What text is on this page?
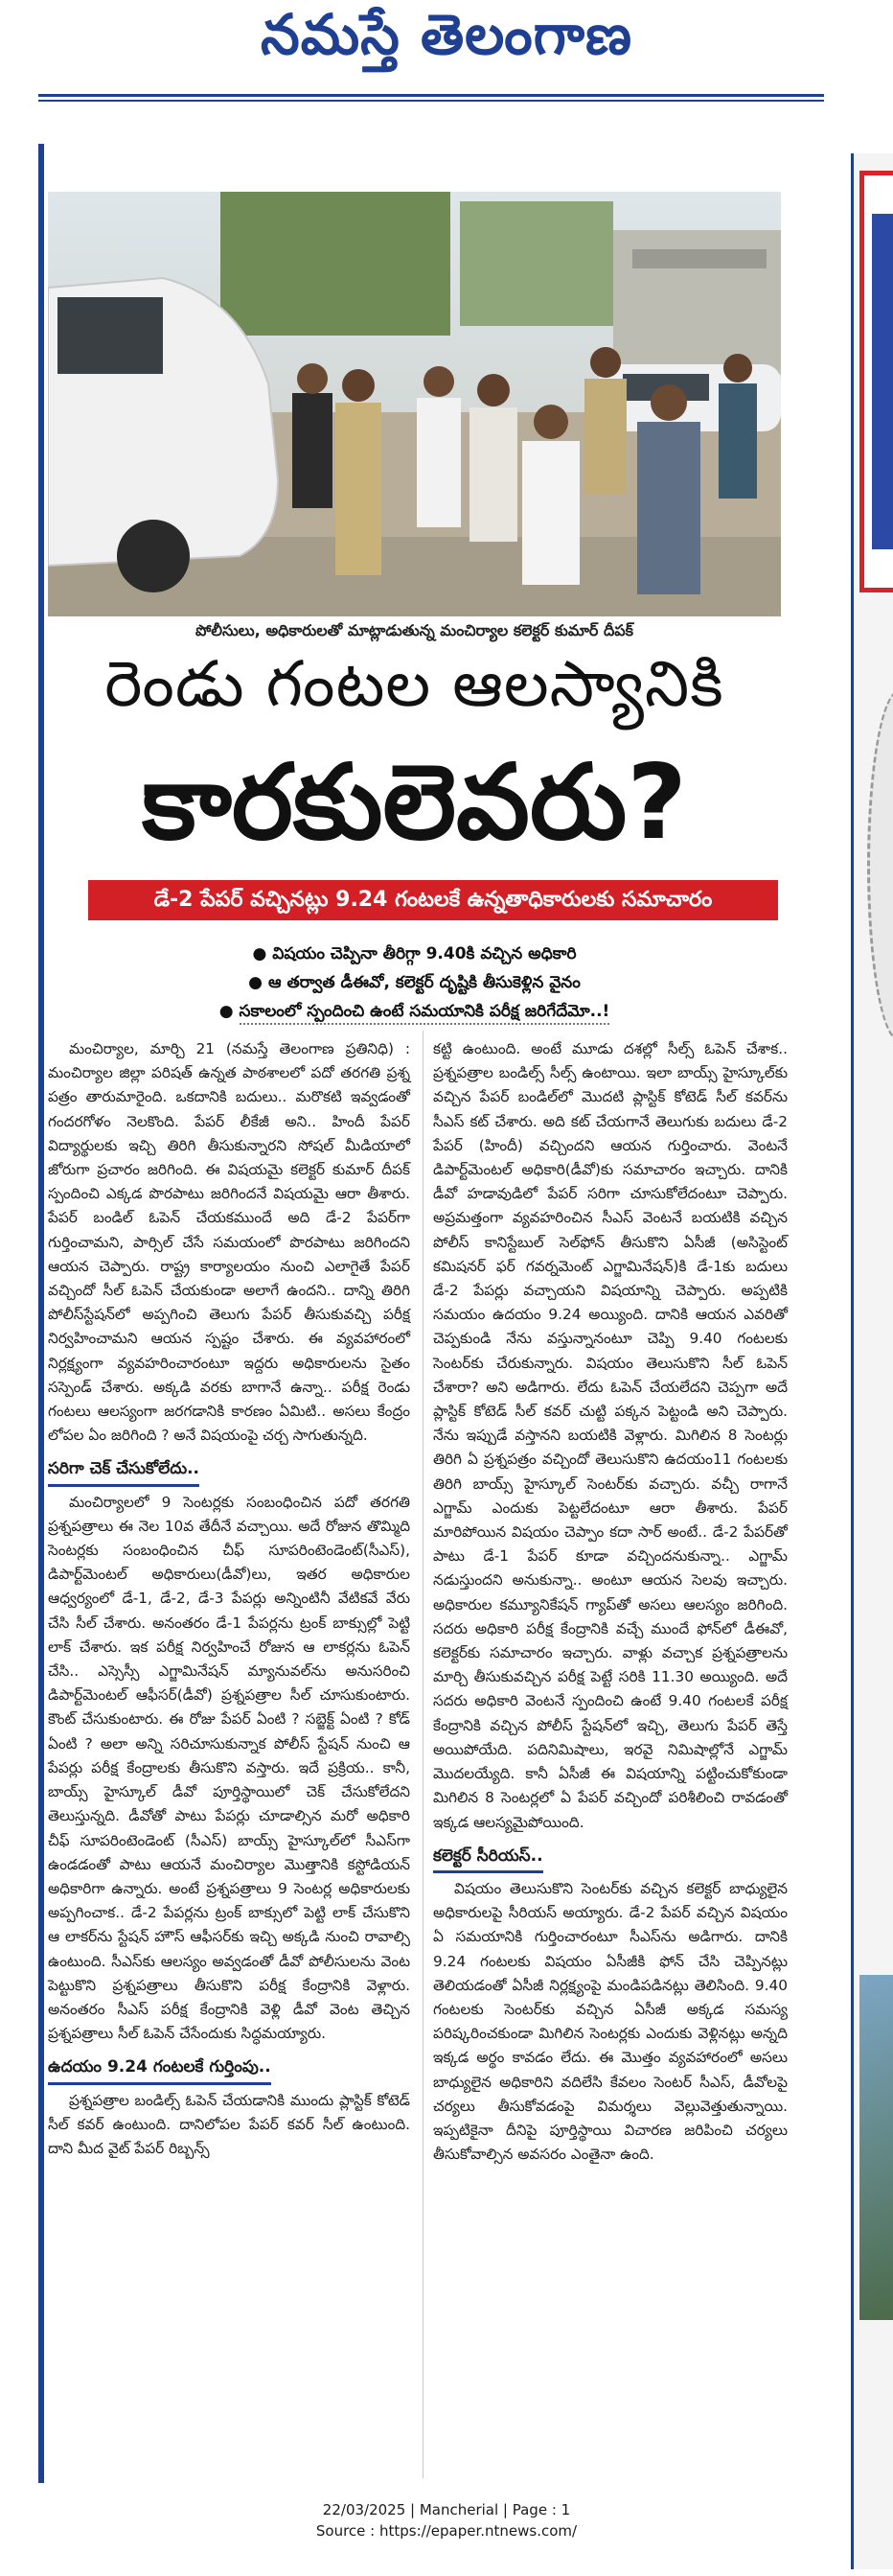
నమస్తే తెలంగాణ
పోలీసులు, అధికారులతో మాట్లాడుతున్న మంచిర్యాల కలెక్టర్ కుమార్ దీపక్
రెండు గంటల ఆలస్యానికి
కారకులెవరు?
డే-2 పేపర్ వచ్చినట్లు 9.24 గంటలకే ఉన్నతాధికారులకు సమాచారం
● విషయం చెప్పినా తీరిగ్గా 9.40కి వచ్చిన అధికారి
● ఆ తర్వాత డీఈవో, కలెక్టర్ దృష్టికి తీసుకెళ్లిన వైనం
● సకాలంలో స్పందించి ఉంటే సమయానికి పరీక్ష జరిగేదేమో..!

మంచిర్యాల, మార్చి 21 (నమస్తే తెలంగాణ ప్రతినిధి) : మంచిర్యాల జిల్లా పరిషత్ ఉన్నత పాఠశాలలో పదో తరగతి ప్రశ్న పత్రం తారుమారైంది. ఒకదానికి బదులు.. మరొకటి ఇవ్వడంతో గందరగోళం నెలకొంది. పేపర్ లీకేజీ అని.. హిందీ పేపర్ విద్యార్థులకు ఇచ్చి తిరిగి తీసుకున్నారని సోషల్ మీడియాలో జోరుగా ప్రచారం జరిగింది. ఈ విషయమై కలెక్టర్ కుమార్ దీపక్ స్పందించి ఎక్కడ పొరపాటు జరిగిందనే విషయమై ఆరా తీశారు. పేపర్ బండిల్ ఓపెన్ చేయకముందే అది డే-2 పేపర్‌గా గుర్తించామని, పార్సిల్ చేసే సమయంలో పొరపాటు జరిగిందని ఆయన చెప్పారు. రాష్ట్ర కార్యాలయం నుంచి ఎలాగైతే పేపర్ వచ్చిందో సీల్ ఓపెన్ చేయకుండా అలాగే ఉందని.. దాన్ని తిరిగి పోలీస్‌స్టేషన్‌లో అప్పగించి తెలుగు పేపర్ తీసుకువచ్చి పరీక్ష నిర్వహించామని ఆయన స్పష్టం చేశారు. ఈ వ్యవహారంలో నిర్లక్ష్యంగా వ్యవహరించారంటూ ఇద్దరు అధికారులను సైతం సస్పెండ్ చేశారు. అక్కడి వరకు బాగానే ఉన్నా.. పరీక్ష రెండు గంటలు ఆలస్యంగా జరగడానికి కారణం ఏమిటి.. అసలు కేంద్రం లోపల ఏం జరిగింది ? అనే విషయంపై చర్చ సాగుతున్నది.

సరిగా చెక్ చేసుకోలేదు..

మంచిర్యాలలో 9 సెంటర్లకు సంబంధించిన పదో తరగతి ప్రశ్నపత్రాలు ఈ నెల 10వ తేదీనే వచ్చాయి. అదే రోజున తొమ్మిది సెంటర్లకు సంబంధించిన చీఫ్ సూపరింటెండెంట్(సీఎస్), డిపార్ట్‌మెంటల్ అధికారులు(డీవో)లు, ఇతర అధికారుల ఆధ్వర్యంలో డే-1, డే-2, డే-3 పేపర్లు అన్నింటినీ వేటికవే వేరు చేసి సీల్ చేశారు. అనంతరం డే-1 పేపర్లను ట్రంక్ బాక్సుల్లో పెట్టి లాక్ చేశారు. ఇక పరీక్ష నిర్వహించే రోజున ఆ లాకర్లను ఓపెన్ చేసి.. ఎస్సెస్సీ ఎగ్జామినేషన్ మ్యానువల్‌ను అనుసరించి డిపార్ట్‌మెంటల్ ఆఫీసర్(డీవో) ప్రశ్నపత్రాల సీల్ చూసుకుంటారు. కౌంట్ చేసుకుంటారు. ఈ రోజు పేపర్ ఏంటి ? సబ్జెక్ట్ ఏంటి ? కోడ్ ఏంటి ? అలా అన్ని సరిచూసుకున్నాక పోలీస్ స్టేషన్ నుంచి ఆ పేపర్లు పరీక్ష కేంద్రాలకు తీసుకొని వస్తారు. ఇదే ప్రక్రియ.. కానీ, బాయ్స్ హైస్కూల్ డీవో పూర్తిస్థాయిలో చెక్ చేసుకోలేదని తెలుస్తున్నది. డీవోతో పాటు పేపర్లు చూడాల్సిన మరో అధికారి చీఫ్ సూపరింటెండెంట్ (సీఎస్) బాయ్స్ హైస్కూల్‌లో సీఎస్‌గా ఉండడంతో పాటు ఆయనే మంచిర్యాల మొత్తానికి కస్టోడియన్ అధికారిగా ఉన్నారు. అంటే ప్రశ్నపత్రాలు 9 సెంటర్ల అధికారులకు అప్పగించాక.. డే-2 పేపర్లను ట్రంక్ బాక్సులో పెట్టి లాక్ చేసుకొని ఆ లాకర్‌ను స్టేషన్ హౌస్ ఆఫీసర్‌కు ఇచ్చి అక్కడి నుంచి రావాల్సి ఉంటుంది. సీఎస్‌కు ఆలస్యం అవ్వడంతో డీవో పోలీసులను వెంట పెట్టుకొని ప్రశ్నపత్రాలు తీసుకొని పరీక్ష కేంద్రానికి వెళ్లారు. అనంతరం సీఎస్ పరీక్ష కేంద్రానికి వెళ్లి డీవో వెంట తెచ్చిన ప్రశ్నపత్రాలు సీల్ ఓపెన్ చేసేందుకు సిద్ధమయ్యారు.

ఉదయం 9.24 గంటలకే గుర్తింపు..

ప్రశ్నపత్రాల బండిల్స్ ఓపెన్ చేయడానికి ముందు ప్లాస్టిక్ కోటెడ్ సీల్ కవర్ ఉంటుంది. దానిలోపల పేపర్ కవర్ సీల్ ఉంటుంది. దాని మీద వైట్ పేపర్ రిబ్బన్స్

కట్టి ఉంటుంది. అంటే మూడు దశల్లో సీల్స్ ఓపెన్ చేశాక.. ప్రశ్నపత్రాల బండిల్స్ సీల్స్ ఉంటాయి. ఇలా బాయ్స్ హైస్కూల్‌కు వచ్చిన పేపర్ బండిల్‌లో మొదటి ప్లాస్టిక్ కోటెడ్ సీల్ కవర్‌ను సీఎస్ కట్ చేశారు. అది కట్ చేయగానే తెలుగుకు బదులు డే-2 పేపర్ (హిందీ) వచ్చిందని ఆయన గుర్తించారు. వెంటనే డిపార్ట్‌మెంటల్ అధికారి(డీవో)కు సమాచారం ఇచ్చారు. దానికి డీవో హడావుడిలో పేపర్ సరిగా చూసుకోలేదంటూ చెప్పారు. అప్రమత్తంగా వ్యవహరించిన సీఎస్ వెంటనే బయటికి వచ్చిన పోలీస్ కానిస్టేబుల్ సెల్‌ఫోన్ తీసుకొని ఏసీజీ (అసిస్టెంట్ కమిషనర్ ఫర్ గవర్నమెంట్ ఎగ్జామినేషన్)కి డే-1కు బదులు డే-2 పేపర్లు వచ్చాయని విషయాన్ని చెప్పారు. అప్పటికి సమయం ఉదయం 9.24 అయ్యింది. దానికి ఆయన ఎవరితో చెప్పకుండి నేను వస్తున్నానంటూ చెప్పి 9.40 గంటలకు సెంటర్‌కు చేరుకున్నారు. విషయం తెలుసుకొని సీల్ ఓపెన్ చేశారా? అని అడిగారు. లేదు ఓపెన్ చేయలేదని చెప్పగా అదే ప్లాస్టిక్ కోటెడ్ సీల్ కవర్ చుట్టి పక్కన పెట్టండి అని చెప్పారు. నేను ఇప్పుడే వస్తానని బయటికి వెళ్లారు. మిగిలిన 8 సెంటర్లు తిరిగి ఏ ప్రశ్నపత్రం వచ్చిందో తెలుసుకొని ఉదయం11 గంటలకు తిరిగి బాయ్స్ హైస్కూల్ సెంటర్‌కు వచ్చారు. వచ్చీ రాగానే ఎగ్జామ్ ఎందుకు పెట్టలేదంటూ ఆరా తీశారు. పేపర్ మారిపోయిన విషయం చెప్పాం కదా సార్ అంటే.. డే-2 పేపర్‌తో పాటు డే-1 పేపర్ కూడా వచ్చిందనుకున్నా.. ఎగ్జామ్ నడుస్తుందని అనుకున్నా.. అంటూ ఆయన సెలవు ఇచ్చారు. అధికారుల కమ్యూనికేషన్ గ్యాప్‌తో అసలు ఆలస్యం జరిగింది. సదరు అధికారి పరీక్ష కేంద్రానికి వచ్చే ముందే ఫోన్‌లో డీఈవో, కలెక్టర్‌కు సమాచారం ఇచ్చారు. వాళ్లు వచ్చాక ప్రశ్నపత్రాలను మార్చి తీసుకువచ్చిన పరీక్ష పెట్టే సరికి 11.30 అయ్యింది. అదే సదరు అధికారి వెంటనే స్పందించి ఉంటే 9.40 గంటలకే పరీక్ష కేంద్రానికి వచ్చిన పోలీస్ స్టేషన్‌లో ఇచ్చి, తెలుగు పేపర్ తెస్తే అయిపోయేది. పదినిమిషాలు, ఇరవై నిమిషాల్లోనే ఎగ్జామ్ మొదలయ్యేది. కానీ ఏసీజీ ఈ విషయాన్ని పట్టించుకోకుండా మిగిలిన 8 సెంటర్లలో ఏ పేపర్ వచ్చిందో పరిశీలించి రావడంతో ఇక్కడ ఆలస్యమైపోయింది.

కలెక్టర్ సీరియస్..

విషయం తెలుసుకొని సెంటర్‌కు వచ్చిన కలెక్టర్ బాధ్యులైన అధికారులపై సీరియస్ అయ్యారు. డే-2 పేపర్ వచ్చిన విషయం ఏ సమయానికి గుర్తించారంటూ సీఎస్‌ను అడిగారు. దానికి 9.24 గంటలకు విషయం ఏసీజీకి ఫోన్ చేసి చెప్పినట్లు తెలియడంతో ఏసీజీ నిర్లక్ష్యంపై మండిపడినట్లు తెలిసింది. 9.40 గంటలకు సెంటర్‌కు వచ్చిన ఏసీజీ అక్కడ సమస్య పరిష్కరించకుండా మిగిలిన సెంటర్లకు ఎందుకు వెళ్లినట్లు అన్నది ఇక్కడ అర్థం కావడం లేదు. ఈ మొత్తం వ్యవహారంలో అసలు బాధ్యులైన అధికారిని వదిలేసి కేవలం సెంటర్ సీఎస్, డీవోలపై చర్యలు తీసుకోవడంపై విమర్శలు వెల్లువెత్తుతున్నాయి. ఇప్పటికైనా దీనిపై పూర్తిస్థాయి విచారణ జరిపించి చర్యలు తీసుకోవాల్సిన అవసరం ఎంతైనా ఉంది.

22/03/2025 | Mancherial | Page : 1
Source : https://epaper.ntnews.com/
